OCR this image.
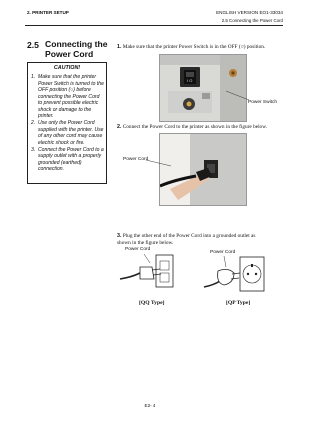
2. PRINTER SETUP	ENGLISH VERSION EO1-33034
2.5 Connecting the Power Cord
2.5 Connecting the Power Cord
CAUTION!
1. Make sure that the printer Power Switch is turned to the OFF position (○) before connecting the Power Cord to prevent possible electric shock or damage to the printer.
2. Use only the Power Cord supplied with the printer. Use of any other cord may cause electric shock or fire.
3. Connect the Power Cord to a supply outlet with a properly grounded (earthed) connection.
1. Make sure that the printer Power Switch is in the OFF (○) position.
I O
Power Switch
2. Connect the Power Cord to the printer as shown in the figure below.
Power Cord
3. Plug the other end of the Power Cord into a grounded outlet as shown in the figure below.
Power Cord
[QQ Type]
Power Cord
[QP Type]
E2- 4
